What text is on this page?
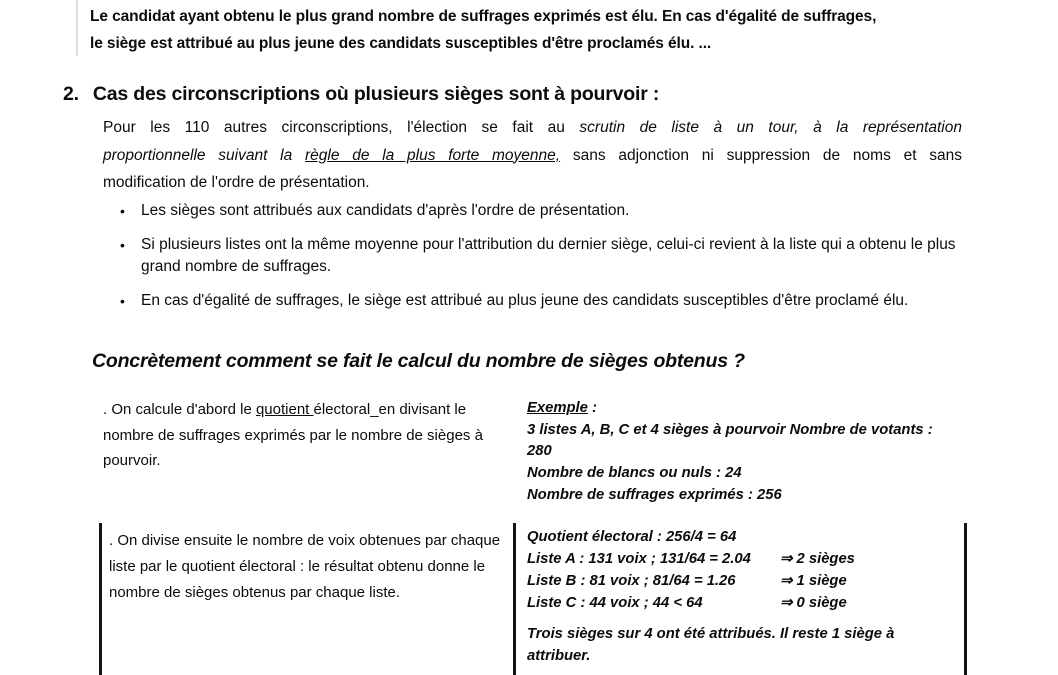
Le candidat ayant obtenu le plus grand nombre de suffrages exprimés est élu. En cas d'égalité de suffrages,
le siège est attribué au plus jeune des candidats susceptibles d'être proclamés élu. ...
2. Cas des circonscriptions où plusieurs sièges sont à pourvoir :
Pour les 110 autres circonscriptions, l'élection se fait au scrutin de liste à un tour, à la représentation
proportionnelle suivant la règle de la plus forte moyenne, sans adjonction ni suppression de noms et sans
modification de l'ordre de présentation.
•	Les sièges sont attribués aux candidats d'après l'ordre de présentation.
•	Si plusieurs listes ont la même moyenne pour l'attribution du dernier siège, celui-ci revient à la liste qui a obtenu le plus grand nombre de suffrages.
•	En cas d'égalité de suffrages, le siège est attribué au plus jeune des candidats susceptibles d'être proclamé élu.
Concrètement comment se fait le calcul du nombre de sièges obtenus ?
. On calcule d'abord le quotient électoral_en divisant le nombre de suffrages exprimés par le nombre de sièges à pourvoir.
Exemple :
3 listes A, B, C et 4 sièges à pourvoir Nombre de votants :
280
Nombre de blancs ou nuls : 24
Nombre de suffrages exprimés : 256
. On divise ensuite le nombre de voix obtenues par chaque liste par le quotient électoral : le résultat obtenu donne le nombre de sièges obtenus par chaque liste.
Quotient électoral : 256/4 = 64
Liste A : 131 voix ; 131/64 = 2.04 ⇒ 2 sièges
Liste B : 81 voix ; 81/64 = 1.26	⇒ 1 siège
Liste C : 44 voix ; 44 < 64	⇒ 0 siège
Trois sièges sur 4 ont été attribués. Il reste 1 siège à attribuer.
